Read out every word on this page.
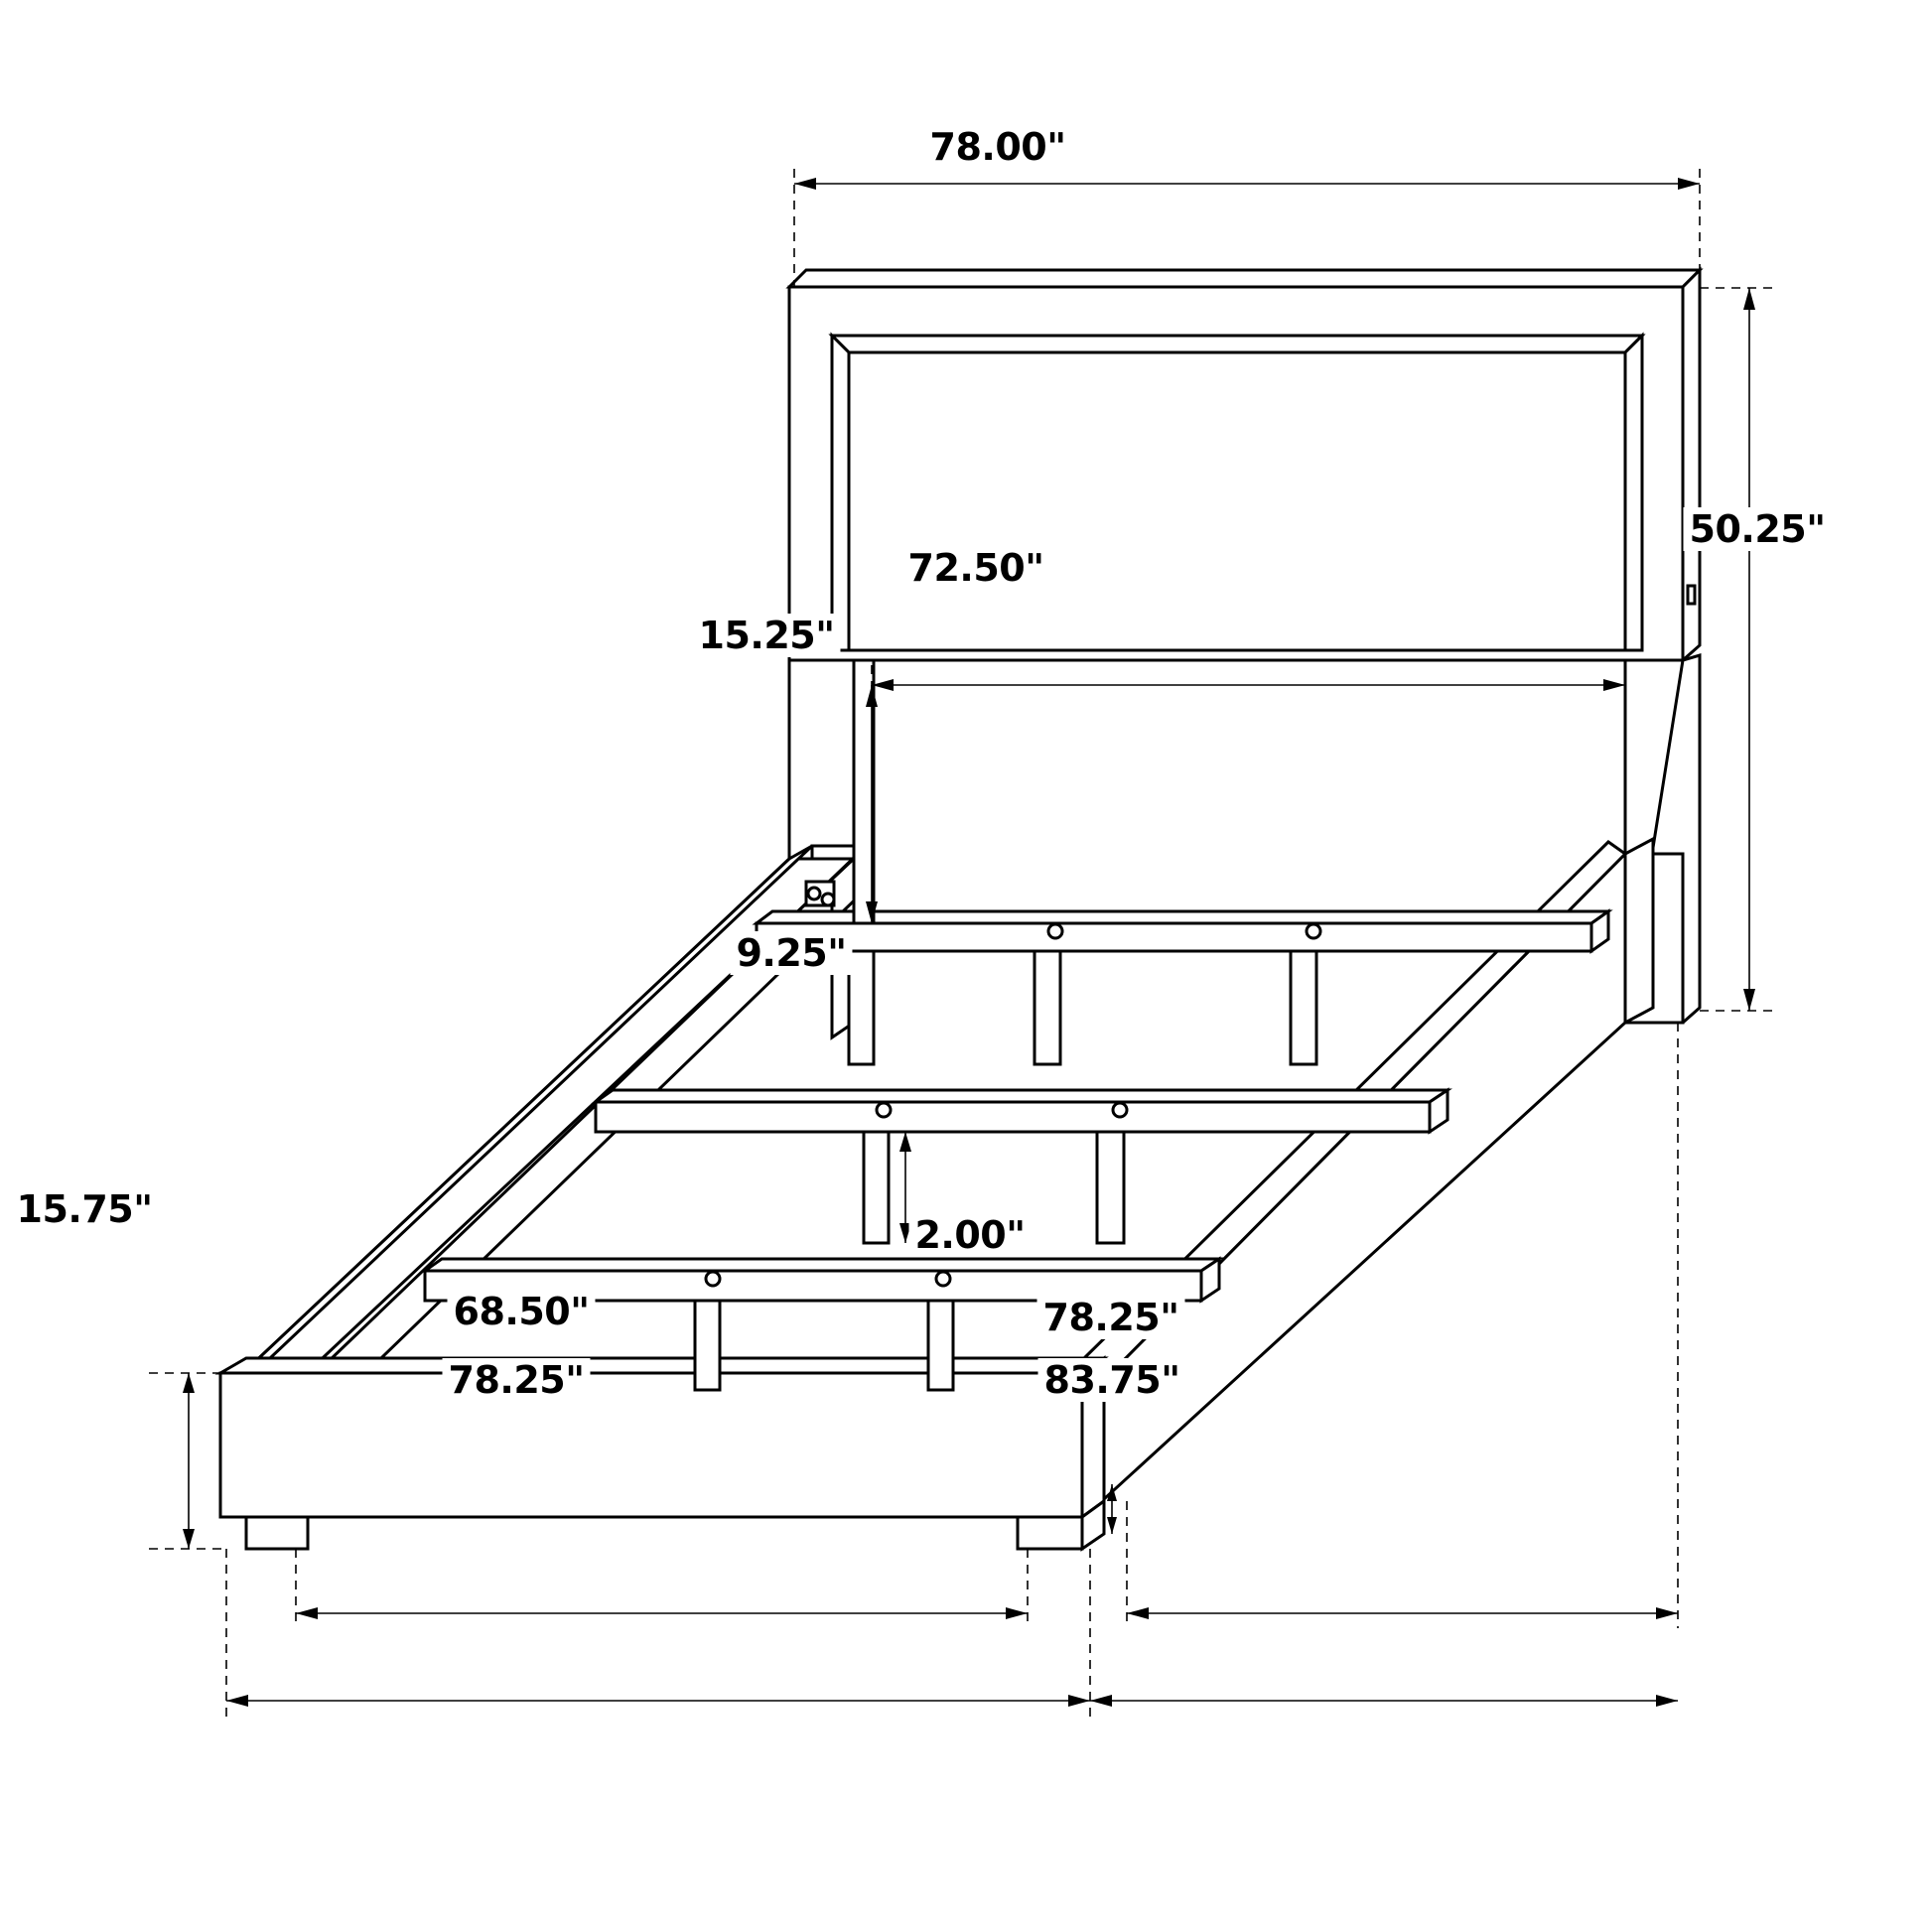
78.00"
50.25"
72.50"
15.25"
9.25"
15.75"
2.00"
68.50"	78.25"
78.25"	83.75"
